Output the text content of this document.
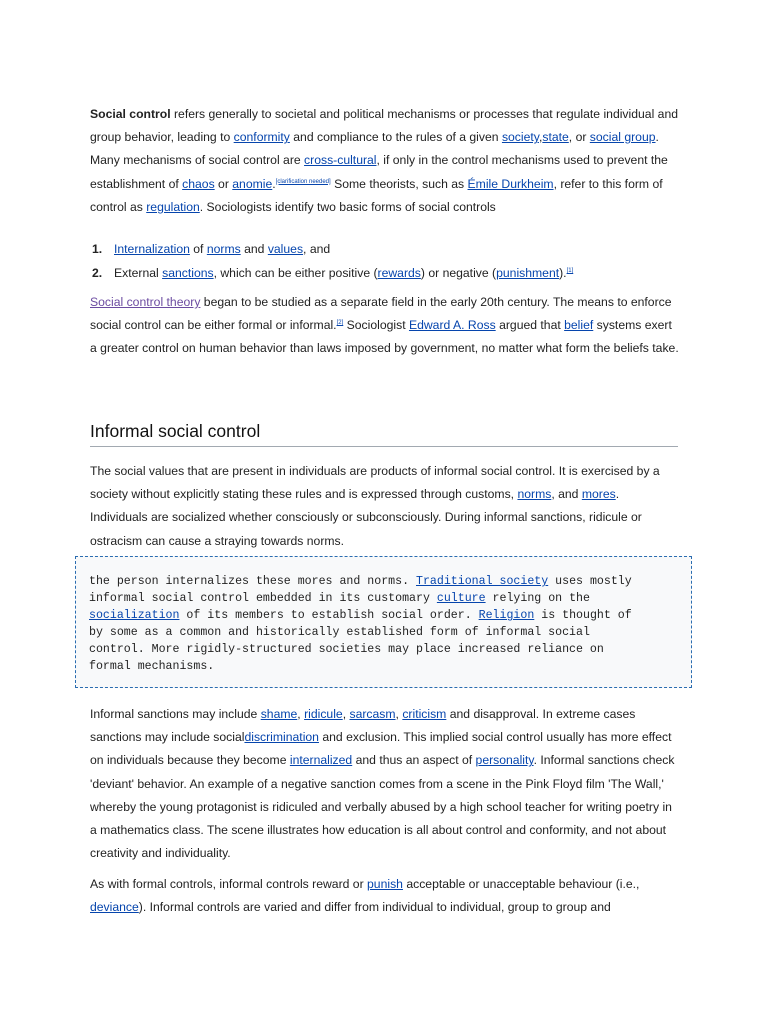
Social control refers generally to societal and political mechanisms or processes that regulate individual and group behavior, leading to conformity and compliance to the rules of a given society,state, or social group. Many mechanisms of social control are cross-cultural, if only in the control mechanisms used to prevent the establishment of chaos or anomie.[clarification needed] Some theorists, such as Émile Durkheim, refer to this form of control as regulation. Sociologists identify two basic forms of social controls
1. Internalization of norms and values, and
2. External sanctions, which can be either positive (rewards) or negative (punishment).[1]
Social control theory began to be studied as a separate field in the early 20th century. The means to enforce social control can be either formal or informal.[2] Sociologist Edward A. Ross argued that belief systems exert a greater control on human behavior than laws imposed by government, no matter what form the beliefs take.
Informal social control
The social values that are present in individuals are products of informal social control. It is exercised by a society without explicitly stating these rules and is expressed through customs, norms, and mores. Individuals are socialized whether consciously or subconsciously. During informal sanctions, ridicule or ostracism can cause a straying towards norms.
the person internalizes these mores and norms. Traditional society uses mostly
informal social control embedded in its customary culture relying on the
socialization of its members to establish social order. Religion is thought of
by some as a common and historically established form of informal social
control. More rigidly-structured societies may place increased reliance on
formal mechanisms.
Informal sanctions may include shame, ridicule, sarcasm, criticism and disapproval. In extreme cases sanctions may include socialdiscrimination and exclusion. This implied social control usually has more effect on individuals because they become internalized and thus an aspect of personality. Informal sanctions check 'deviant' behavior. An example of a negative sanction comes from a scene in the Pink Floyd film 'The Wall,' whereby the young protagonist is ridiculed and verbally abused by a high school teacher for writing poetry in a mathematics class. The scene illustrates how education is all about control and conformity, and not about creativity and individuality.
As with formal controls, informal controls reward or punish acceptable or unacceptable behaviour (i.e., deviance). Informal controls are varied and differ from individual to individual, group to group and
